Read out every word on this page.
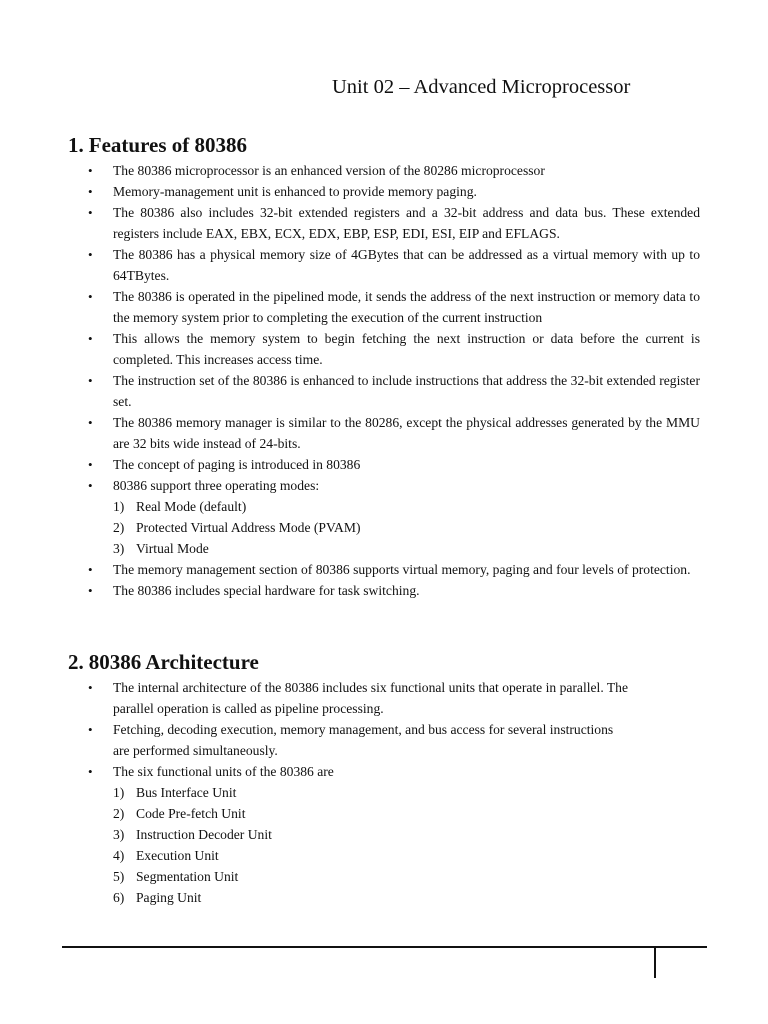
Unit 02 – Advanced Microprocessor
1. Features of 80386
• The 80386 microprocessor is an enhanced version of the 80286 microprocessor
• Memory-management unit is enhanced to provide memory paging.
• The 80386 also includes 32-bit extended registers and a 32-bit address and data bus. These extended registers include EAX, EBX, ECX, EDX, EBP, ESP, EDI, ESI, EIP and EFLAGS.
• The 80386 has a physical memory size of 4GBytes that can be addressed as a virtual memory with up to 64TBytes.
• The 80386 is operated in the pipelined mode, it sends the address of the next instruction or memory data to the memory system prior to completing the execution of the current instruction
• This allows the memory system to begin fetching the next instruction or data before the current is completed. This increases access time.
• The instruction set of the 80386 is enhanced to include instructions that address the 32-bit extended register set.
• The 80386 memory manager is similar to the 80286, except the physical addresses generated by the MMU are 32 bits wide instead of 24-bits.
• The concept of paging is introduced in 80386
• 80386 support three operating modes:
1) Real Mode (default)
2) Protected Virtual Address Mode (PVAM)
3) Virtual Mode
• The memory management section of 80386 supports virtual memory, paging and four levels of protection.
• The 80386 includes special hardware for task switching.
2. 80386 Architecture
• The internal architecture of the 80386 includes six functional units that operate in parallel. The parallel operation is called as pipeline processing.
• Fetching, decoding execution, memory management, and bus access for several instructions are performed simultaneously.
• The six functional units of the 80386 are
1) Bus Interface Unit
2) Code Pre-fetch Unit
3) Instruction Decoder Unit
4) Execution Unit
5) Segmentation Unit
6) Paging Unit
